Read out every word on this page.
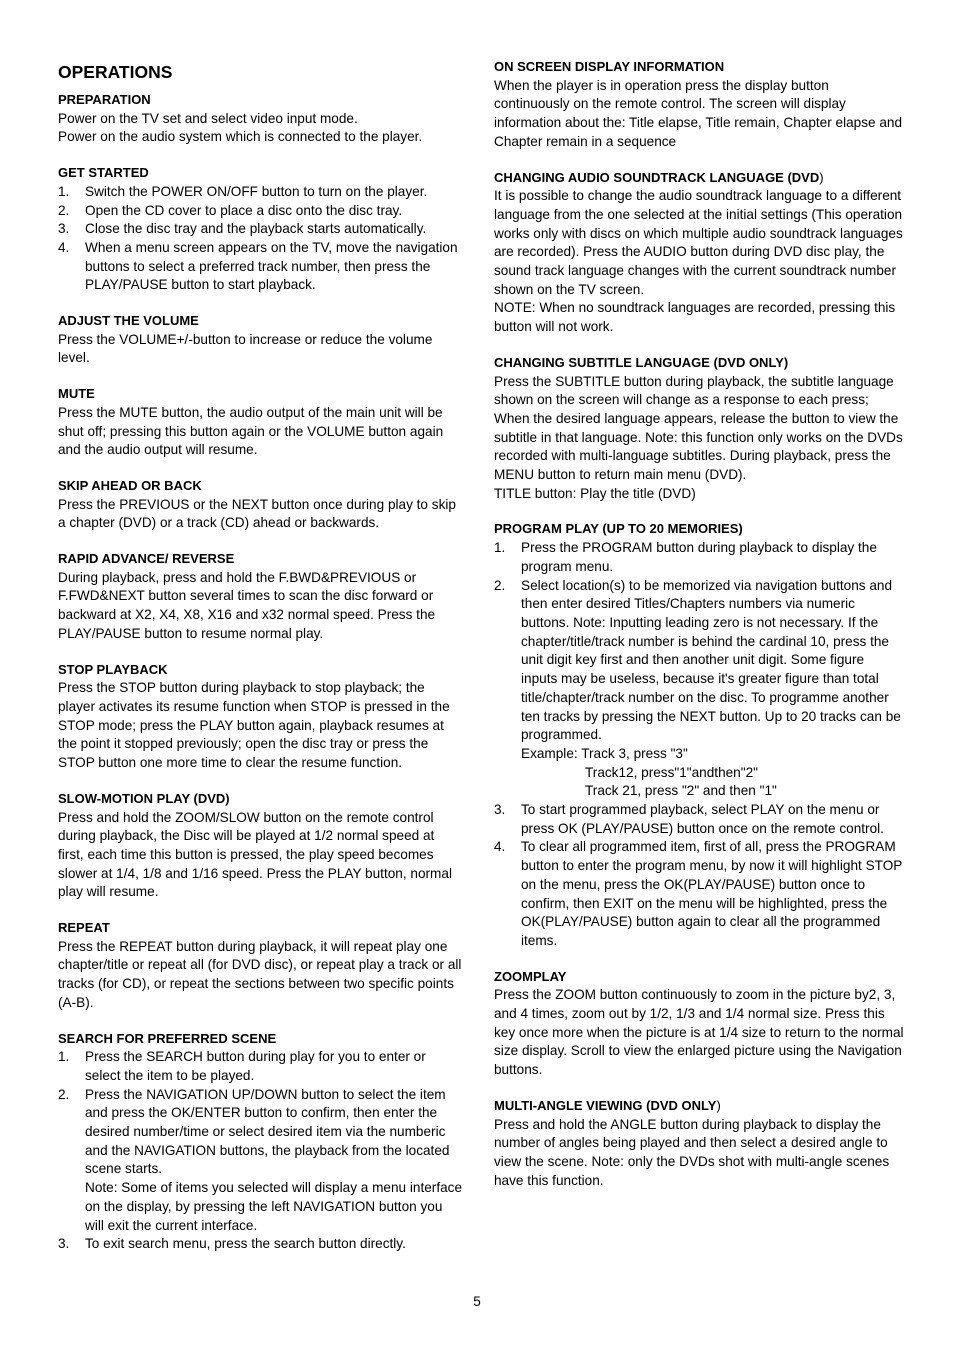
OPERATIONS
PREPARATION
Power on the TV set and select video input mode.
Power on the audio system which is connected to the player.
GET STARTED
1. Switch the POWER ON/OFF button to turn on the player.
2. Open the CD cover to place a disc onto the disc tray.
3. Close the disc tray and the playback starts automatically.
4. When a menu screen appears on the TV, move the navigation buttons to select a preferred track number, then press the PLAY/PAUSE button to start playback.
ADJUST THE VOLUME
Press the VOLUME+/-button to increase or reduce the volume level.
MUTE
Press the MUTE button, the audio output of the main unit will be shut off; pressing this button again or the VOLUME button again and the audio output will resume.
SKIP AHEAD OR BACK
Press the PREVIOUS or the NEXT button once during play to skip a chapter (DVD) or a track (CD) ahead or backwards.
RAPID ADVANCE/ REVERSE
During playback, press and hold the F.BWD&PREVIOUS or F.FWD&NEXT button several times to scan the disc forward or backward at X2, X4, X8, X16 and x32 normal speed. Press the PLAY/PAUSE button to resume normal play.
STOP PLAYBACK
Press the STOP button during playback to stop playback; the player activates its resume function when STOP is pressed in the STOP mode; press the PLAY button again, playback resumes at the point it stopped previously; open the disc tray or press the STOP button one more time to clear the resume function.
SLOW-MOTION PLAY (DVD)
Press and hold the ZOOM/SLOW button on the remote control during playback, the Disc will be played at 1/2 normal speed at first, each time this button is pressed, the play speed becomes slower at 1/4, 1/8 and 1/16 speed. Press the PLAY button, normal play will resume.
REPEAT
Press the REPEAT button during playback, it will repeat play one chapter/title or repeat all (for DVD disc), or repeat play a track or all tracks (for CD), or repeat the sections between two specific points (A-B).
SEARCH FOR PREFERRED SCENE
1. Press the SEARCH button during play for you to enter or select the item to be played.
2. Press the NAVIGATION UP/DOWN button to select the item and press the OK/ENTER button to confirm, then enter the desired number/time or select desired item via the numberic and the NAVIGATION buttons, the playback from the located scene starts.
Note: Some of items you selected will display a menu interface on the display, by pressing the left NAVIGATION button you will exit the current interface.
3. To exit search menu, press the search button directly.
ON SCREEN DISPLAY INFORMATION
When the player is in operation press the display button continuously on the remote control. The screen will display information about the: Title elapse, Title remain, Chapter elapse and Chapter remain in a sequence
CHANGING AUDIO SOUNDTRACK LANGUAGE (DVD)
It is possible to change the audio soundtrack language to a different language from the one selected at the initial settings (This operation works only with discs on which multiple audio soundtrack languages are recorded). Press the AUDIO button during DVD disc play, the sound track language changes with the current soundtrack number shown on the TV screen.
NOTE: When no soundtrack languages are recorded, pressing this button will not work.
CHANGING SUBTITLE LANGUAGE (DVD ONLY)
Press the SUBTITLE button during playback, the subtitle language shown on the screen will change as a response to each press; When the desired language appears, release the button to view the subtitle in that language. Note: this function only works on the DVDs recorded with multi-language subtitles. During playback, press the MENU button to return main menu (DVD).
TITLE button: Play the title (DVD)
PROGRAM PLAY (UP TO 20 MEMORIES)
1. Press the PROGRAM button during playback to display the program menu.
2. Select location(s) to be memorized via navigation buttons and then enter desired Titles/Chapters numbers via numeric buttons. Note: Inputting leading zero is not necessary. If the chapter/title/track number is behind the cardinal 10, press the unit digit key first and then another unit digit. Some figure inputs may be useless, because it's greater figure than total title/chapter/track number on the disc. To programme another ten tracks by pressing the NEXT button. Up to 20 tracks can be programmed.
Example: Track 3, press "3"
Track12, press"1"andthen"2"
Track 21, press "2" and then "1"
3. To start programmed playback, select PLAY on the menu or press OK (PLAY/PAUSE) button once on the remote control.
4. To clear all programmed item, first of all, press the PROGRAM button to enter the program menu, by now it will highlight STOP on the menu, press the OK(PLAY/PAUSE) button once to confirm, then EXIT on the menu will be highlighted, press the OK(PLAY/PAUSE) button again to clear all the programmed items.
ZOOMPLAY
Press the ZOOM button continuously to zoom in the picture by2, 3, and 4 times, zoom out by 1/2, 1/3 and 1/4 normal size. Press this key once more when the picture is at 1/4 size to return to the normal size display. Scroll to view the enlarged picture using the Navigation buttons.
MULTI-ANGLE VIEWING (DVD ONLY)
Press and hold the ANGLE button during playback to display the number of angles being played and then select a desired angle to view the scene. Note: only the DVDs shot with multi-angle scenes have this function.
5
